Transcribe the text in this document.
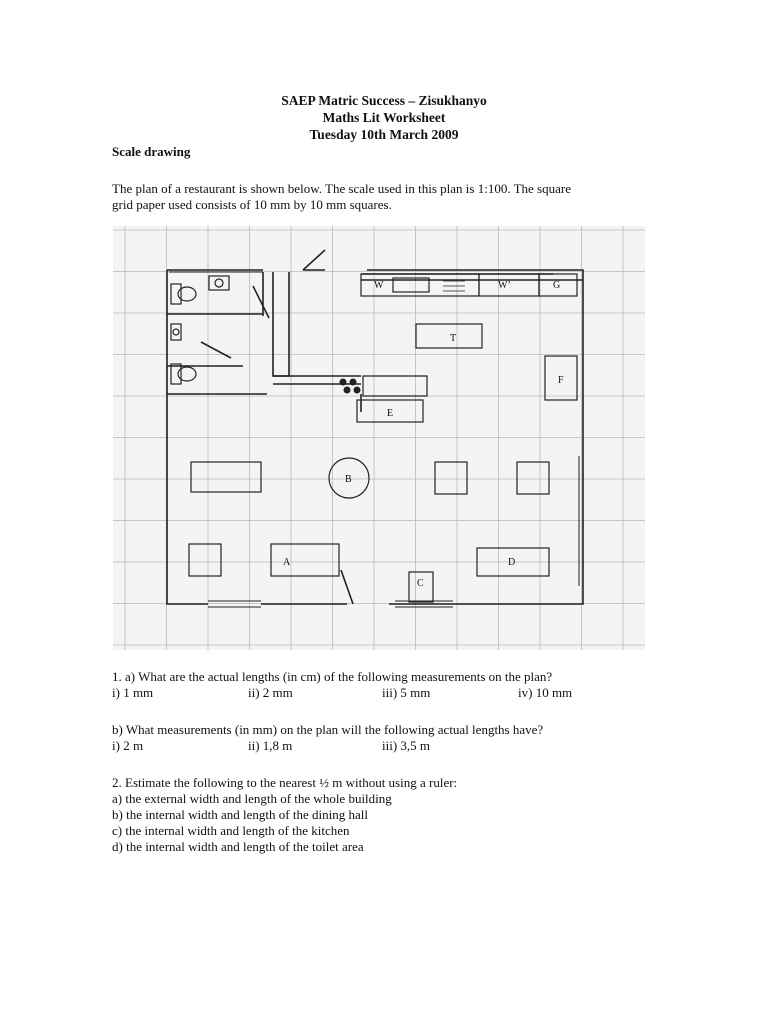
SAEP Matric Success – Zisukhanyo
Maths Lit Worksheet
Tuesday 10th March 2009
Scale drawing
The plan of a restaurant is shown below. The scale used in this plan is 1:100. The square
grid paper used consists of 10 mm by 10 mm squares.
W	W’	G
T
F
E
B
A
C
D
1. a) What are the actual lengths (in cm) of the following measurements on the plan?
i) 1 mm	ii) 2 mm	iii) 5 mm	iv) 10 mm
b) What measurements (in mm) on the plan will the following actual lengths have?
i) 2 m	ii) 1,8 m	iii) 3,5 m
2. Estimate the following to the nearest ½ m without using a ruler:
a) the external width and length of the whole building
b) the internal width and length of the dining hall
c) the internal width and length of the kitchen
d) the internal width and length of the toilet area
